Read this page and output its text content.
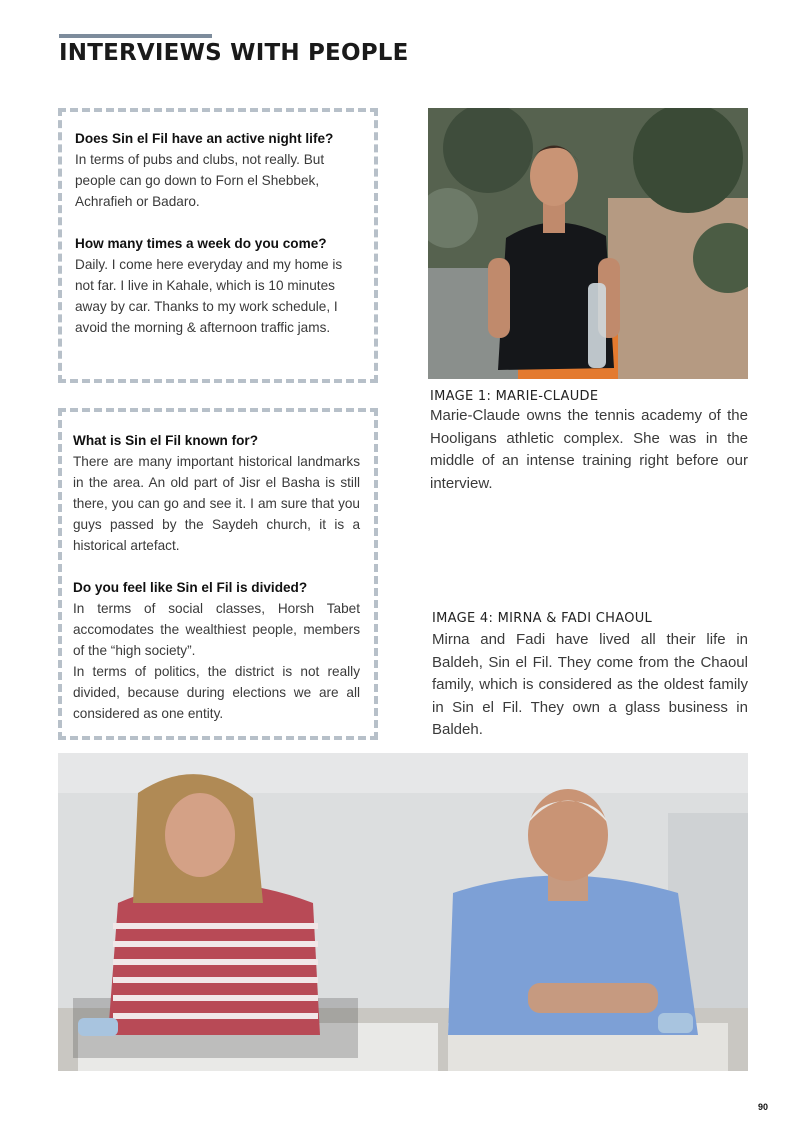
INTERVIEWS WITH PEOPLE

Does Sin el Fil have an active night life?

In terms of pubs and clubs, not really. But people can go down to Forn el Shebbek, Achrafieh or Badaro.

How many times a week do you come?

Daily. I come here everyday and my home is not far. I live in Kahale, which is 10 minutes away by car. Thanks to my work schedule, I avoid the morning & afternoon traffic jams.

What is Sin el Fil known for?

There are many important historical landmarks in the area. An old part of Jisr el Basha is still there, you can go and see it. I am sure that you guys passed by the Saydeh church, it is a historical artefact.

Do you feel like Sin el Fil is divided?

In terms of social classes, Horsh Tabet accomodates the wealthiest people, members of the “high society”.

In terms of politics, the district is not really divided, because during elections we are all considered as one entity.

IMAGE 1: MARIE-CLAUDE

Marie-Claude owns the tennis academy of the Hooligans athletic complex. She was in the middle of an intense training right before our interview.

IMAGE 4: MIRNA & FADI CHAOUL

Mirna and Fadi have lived all their life in Baldeh, Sin el Fil. They come from the Chaoul family, which is considered as the oldest family in Sin el Fil. They own a glass business in Baldeh.

90
